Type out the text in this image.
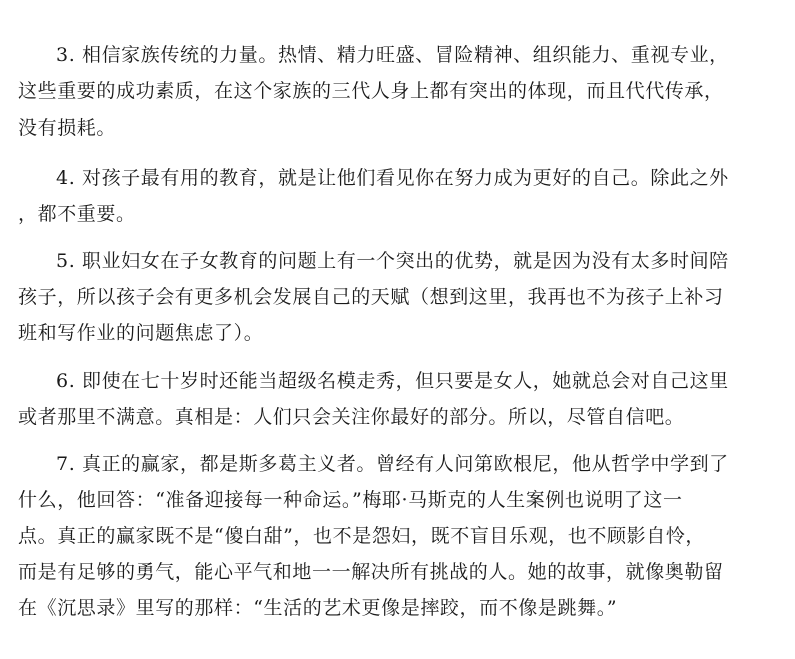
3. 相信家族传统的力量。热情、精力旺盛、冒险精神、组织能力、重视专业，
这些重要的成功素质，在这个家族的三代人身上都有突出的体现，而且代代传承，
没有损耗。
4. 对孩子最有用的教育，就是让他们看见你在努力成为更好的自己。除此之外
，都不重要。
5. 职业妇女在子女教育的问题上有一个突出的优势，就是因为没有太多时间陪
孩子，所以孩子会有更多机会发展自己的天赋（想到这里，我再也不为孩子上补习
班和写作业的问题焦虑了）。
6. 即使在七十岁时还能当超级名模走秀，但只要是女人，她就总会对自己这里
或者那里不满意。真相是：人们只会关注你最好的部分。所以，尽管自信吧。
7. 真正的赢家，都是斯多葛主义者。曾经有人问第欧根尼，他从哲学中学到了
什么，他回答：“准备迎接每一种命运。”梅耶·马斯克的人生案例也说明了这一
点。真正的赢家既不是“傻白甜”，也不是怨妇，既不盲目乐观，也不顾影自怜，
而是有足够的勇气，能心平气和地一一解决所有挑战的人。她的故事，就像奥勒留
在《沉思录》里写的那样：“生活的艺术更像是摔跤，而不像是跳舞。”
